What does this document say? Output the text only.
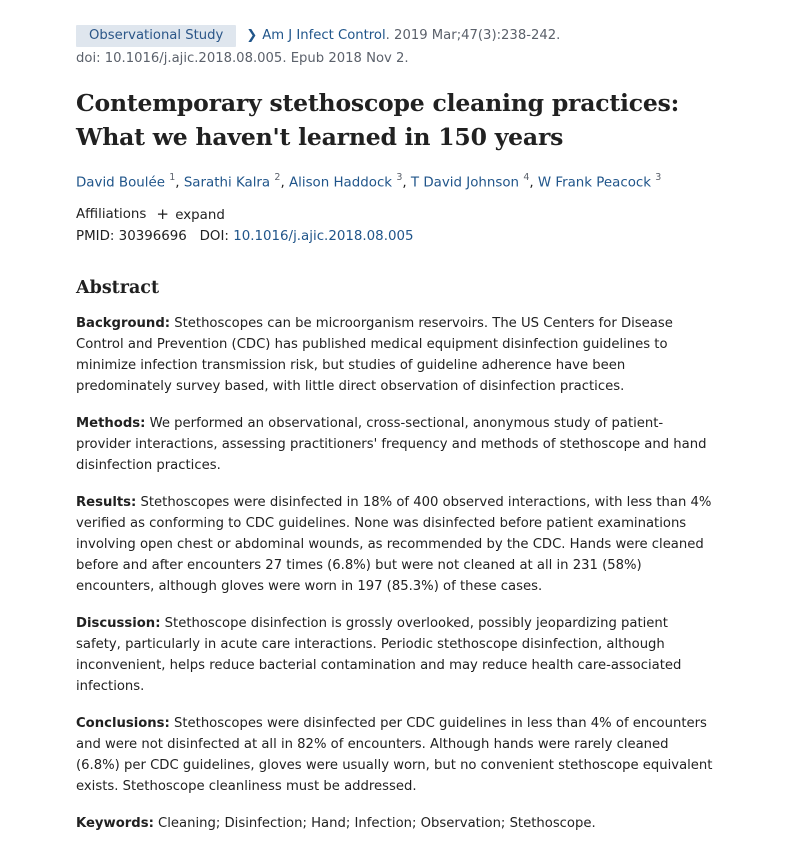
Observational Study	❯ Am J Infect Control . 2019 Mar;47(3):238-242.
doi: 10.1016/j.ajic.2018.08.005. Epub 2018 Nov 2.
Contemporary stethoscope cleaning practices: What we haven't learned in 150 years
David Boulée $^1$, Sarathi Kalra $^2$, Alison Haddock $^3$, T David Johnson $^4$, W Frank Peacock $^3$
Affiliations + expand
PMID: 30396696 DOI: 10.1016/j.ajic.2018.08.005
Abstract

Background: Stethoscopes can be microorganism reservoirs. The US Centers for Disease Control and Prevention (CDC) has published medical equipment disinfection guidelines to minimize infection transmission risk, but studies of guideline adherence have been predominately survey based, with little direct observation of disinfection practices.

Methods: We performed an observational, cross-sectional, anonymous study of patient-provider interactions, assessing practitioners' frequency and methods of stethoscope and hand disinfection practices.

Results: Stethoscopes were disinfected in 18% of 400 observed interactions, with less than 4% verified as conforming to CDC guidelines. None was disinfected before patient examinations involving open chest or abdominal wounds, as recommended by the CDC. Hands were cleaned before and after encounters 27 times (6.8%) but were not cleaned at all in 231 (58%) encounters, although gloves were worn in 197 (85.3%) of these cases.

Discussion: Stethoscope disinfection is grossly overlooked, possibly jeopardizing patient safety, particularly in acute care interactions. Periodic stethoscope disinfection, although inconvenient, helps reduce bacterial contamination and may reduce health care-associated infections.

Conclusions: Stethoscopes were disinfected per CDC guidelines in less than 4% of encounters and were not disinfected at all in 82% of encounters. Although hands were rarely cleaned (6.8%) per CDC guidelines, gloves were usually worn, but no convenient stethoscope equivalent exists. Stethoscope cleanliness must be addressed.

Keywords: Cleaning; Disinfection; Hand; Infection; Observation; Stethoscope.
